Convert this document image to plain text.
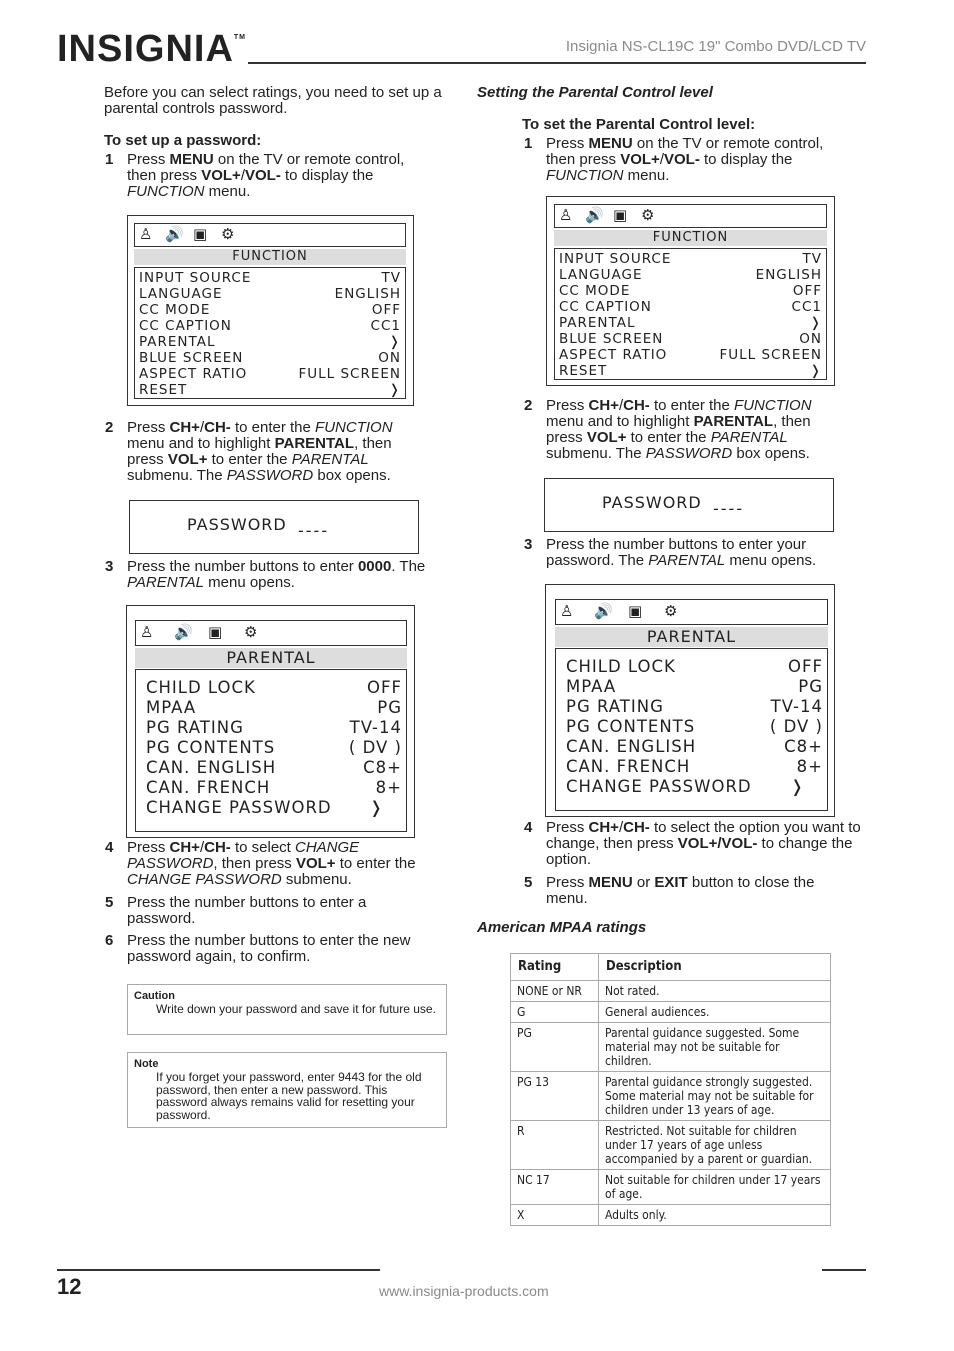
INSIGNIA™
Insignia NS-CL19C 19" Combo DVD/LCD TV
Before you can select ratings, you need to set up a parental controls password.
To set up a password:
1 Press MENU on the TV or remote control, then press VOL+/VOL- to display the FUNCTION menu.
♙ 🔊 ▣ ⚙
FUNCTION
INPUT SOURCE	TV
LANGUAGE	ENGLISH
CC MODE	OFF
CC CAPTION	CC1
PARENTAL	❭
BLUE SCREEN	ON
ASPECT RATIO	FULL SCREEN
RESET	❭
2 Press CH+/CH- to enter the FUNCTION menu and to highlight PARENTAL, then press VOL+ to enter the PARENTAL submenu. The PASSWORD box opens.
PASSWORD ----
3 Press the number buttons to enter 0000. The PARENTAL menu opens.
♙ 🔊 ▣ ⚙
PARENTAL
CHILD LOCK	OFF
MPAA	PG
PG RATING	TV-14
PG CONTENTS	( DV )
CAN. ENGLISH	C8+
CAN. FRENCH	8+
CHANGE PASSWORD ❭
4 Press CH+/CH- to select CHANGE PASSWORD, then press VOL+ to enter the CHANGE PASSWORD submenu.
5 Press the number buttons to enter a password.
6 Press the number buttons to enter the new password again, to confirm.
Caution
Write down your password and save it for future use.
Note
If you forget your password, enter 9443 for the old password, then enter a new password. This password always remains valid for resetting your password.
Setting the Parental Control level
To set the Parental Control level:
1 Press MENU on the TV or remote control, then press VOL+/VOL- to display the FUNCTION menu.
♙ 🔊 ▣ ⚙
FUNCTION
INPUT SOURCE	TV
LANGUAGE	ENGLISH
CC MODE	OFF
CC CAPTION	CC1
PARENTAL	❭
BLUE SCREEN	ON
ASPECT RATIO	FULL SCREEN
RESET	❭
2 Press CH+/CH- to enter the FUNCTION menu and to highlight PARENTAL, then press VOL+ to enter the PARENTAL submenu. The PASSWORD box opens.
PASSWORD ----
3 Press the number buttons to enter your password. The PARENTAL menu opens.
♙ 🔊 ▣ ⚙
PARENTAL
CHILD LOCK	OFF
MPAA	PG
PG RATING	TV-14
PG CONTENTS	( DV )
CAN. ENGLISH	C8+
CAN. FRENCH	8+
CHANGE PASSWORD ❭
4 Press CH+/CH- to select the option you want to change, then press VOL+/VOL- to change the option.
5 Press MENU or EXIT button to close the menu.
American MPAA ratings
Rating	Description
NONE or NR	Not rated.
G	General audiences.
PG	Parental guidance suggested. Some material may not be suitable for children.
PG 13	Parental guidance strongly suggested. Some material may not be suitable for children under 13 years of age.
R	Restricted. Not suitable for children under 17 years of age unless accompanied by a parent or guardian.
NC 17	Not suitable for children under 17 years of age.
X	Adults only.
12	www.insignia-products.com
